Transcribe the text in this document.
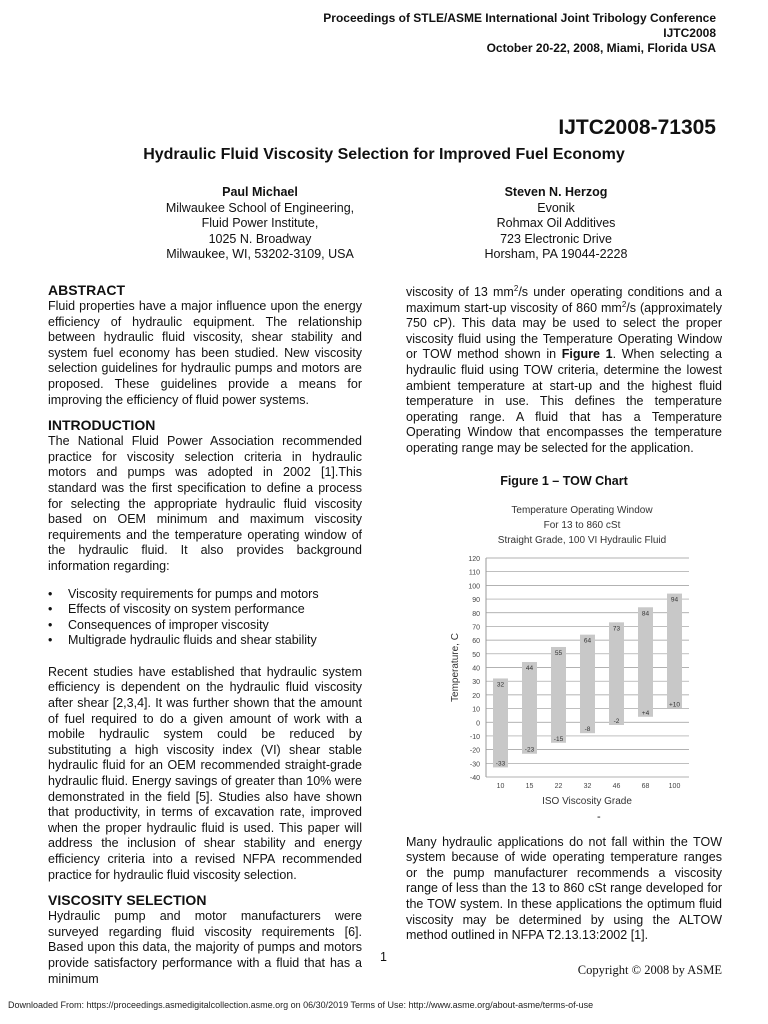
Proceedings of STLE/ASME International Joint Tribology Conference
IJTC2008
October 20-22, 2008, Miami, Florida USA
IJTC2008-71305
Hydraulic Fluid Viscosity Selection for Improved Fuel Economy
Paul Michael
Milwaukee School of Engineering,
Fluid Power Institute,
1025 N. Broadway
Milwaukee, WI, 53202-3109, USA
Steven N. Herzog
Evonik
Rohmax Oil Additives
723 Electronic Drive
Horsham, PA 19044-2228
ABSTRACT

Fluid properties have a major influence upon the energy efficiency of hydraulic equipment. The relationship between hydraulic fluid viscosity, shear stability and system fuel economy has been studied. New viscosity selection guidelines for hydraulic pumps and motors are proposed. These guidelines provide a means for improving the efficiency of fluid power systems.

INTRODUCTION

The National Fluid Power Association recommended practice for viscosity selection criteria in hydraulic motors and pumps was adopted in 2002 [1].This standard was the first specification to define a process for selecting the appropriate hydraulic fluid viscosity based on OEM minimum and maximum viscosity requirements and the temperature operating window of the hydraulic fluid. It also provides background information regarding:

• Viscosity requirements for pumps and motors
• Effects of viscosity on system performance
• Consequences of improper viscosity
• Multigrade hydraulic fluids and shear stability

Recent studies have established that hydraulic system efficiency is dependent on the hydraulic fluid viscosity after shear [2,3,4]. It was further shown that the amount of fuel required to do a given amount of work with a mobile hydraulic system could be reduced by substituting a high viscosity index (VI) shear stable hydraulic fluid for an OEM recommended straight-grade hydraulic fluid. Energy savings of greater than 10% were demonstrated in the field [5]. Studies also have shown that productivity, in terms of excavation rate, improved when the proper hydraulic fluid is used. This paper will address the inclusion of shear stability and energy efficiency criteria into a revised NFPA recommended practice for hydraulic fluid viscosity selection.

VISCOSITY SELECTION

Hydraulic pump and motor manufacturers were surveyed regarding fluid viscosity requirements [6]. Based upon this data, the majority of pumps and motors provide satisfactory performance with a fluid that has a minimum

viscosity of 13 $mm^2/s$ under operating conditions and a maximum start-up viscosity of 860 $mm^2/s$ (approximately 750 cP). This data may be used to select the proper viscosity fluid using the Temperature Operating Window or TOW method shown in Figure 1. When selecting a hydraulic fluid using TOW criteria, determine the lowest ambient temperature at start-up and the highest fluid temperature in use. This defines the temperature operating range. A fluid that has a Temperature Operating Window that encompasses the temperature operating range may be selected for the application.

Figure 1 – TOW Chart
Temperature Operating Window
For 13 to 860 cSt
Straight Grade, 100 VI Hydraulic Fluid
-40
-30
-20
-10
0
10
20
30
40
50
60
70
80
90
100
110
120
32
-33
10
44
-23
15
55
-15
22
64
-8
32
73
-2
46
84
+4
68
94
+10
100
ISO Viscosity Grade
Temperature, C
-

Many hydraulic applications do not fall within the TOW system because of wide operating temperature ranges or the pump manufacturer recommends a viscosity range of less than the 13 to 860 cSt range developed for the TOW system. In these applications the optimum fluid viscosity may be determined by using the ALTOW method outlined in NFPA T2.13.13:2002 [1].

1
Copyright © 2008 by ASME
Downloaded From: https://proceedings.asmedigitalcollection.asme.org on 06/30/2019 Terms of Use: http://www.asme.org/about-asme/terms-of-use
